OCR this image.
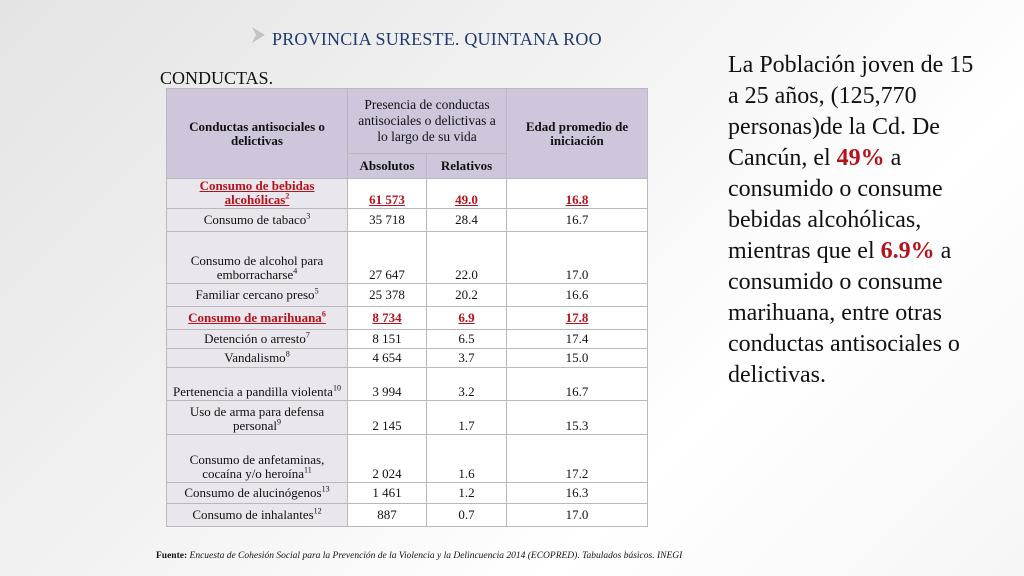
PROVINCIA SURESTE. QUINTANA ROO
CONDUCTAS.
Conductas antisociales o delictivas	Presencia de conductas antisociales o delictivas a lo largo de su vida		Edad promedio de iniciación
	Absolutos	Relativos	
Consumo de bebidas alcohólicas$^2$	61 573	49.0	16.8
Consumo de tabaco$^3$	35 718	28.4	16.7
Consumo de alcohol para emborracharse$^4$	27 647	22.0	17.0
Familiar cercano preso$^5$	25 378	20.2	16.6
Consumo de marihuana$^6$	8 734	6.9	17.8
Detención o arresto$^7$	8 151	6.5	17.4
Vandalismo$^8$	4 654	3.7	15.0
Pertenencia a pandilla violenta$^{10}$	3 994	3.2	16.7
Uso de arma para defensa personal$^9$	2 145	1.7	15.3
Consumo de anfetaminas, cocaína y/o heroína$^{11}$	2 024	1.6	17.2
Consumo de alucinógenos$^{13}$	1 461	1.2	16.3
Consumo de inhalantes$^{12}$	887	0.7	17.0
La Población joven de 15 a 25 años, (125,770 personas)de la Cd. De Cancún, el 49% a consumido o consume bebidas alcohólicas, mientras que el 6.9% a consumido o consume marihuana, entre otras conductas antisociales o delictivas.
Fuente: Encuesta de Cohesión Social para la Prevención de la Violencia y la Delincuencia 2014 (ECOPRED). Tabulados básicos. INEGI
